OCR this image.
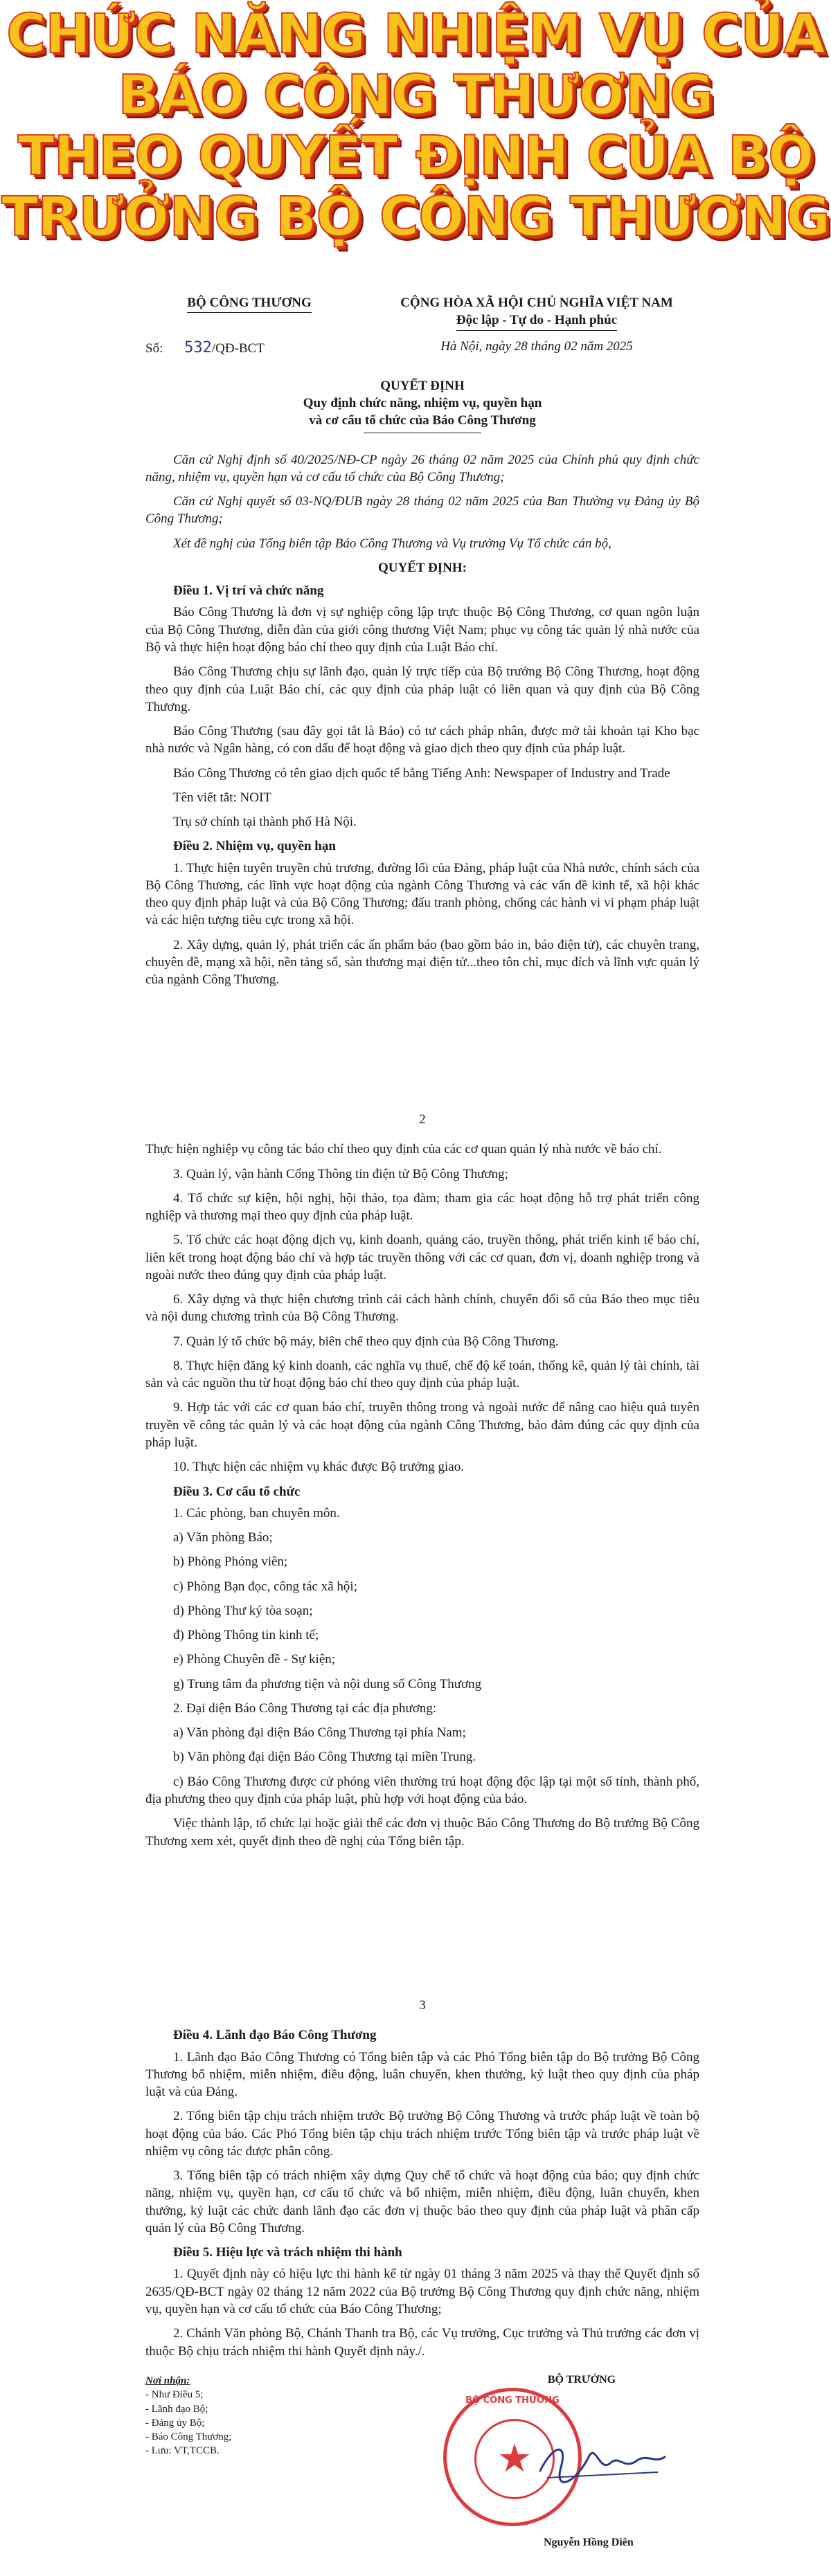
CHỨC NĂNG NHIỆM VỤ CỦA
BÁO CÔNG THƯƠNG
THEO QUYẾT ĐỊNH CỦA BỘ
TRƯỞNG BỘ CÔNG THƯƠNG
BỘ CÔNG THƯƠNG	CỘNG HÒA XÃ HỘI CHỦ NGHĨA VIỆT NAM
Độc lập - Tự do - Hạnh phúc
Số: 532/QĐ-BCT	Hà Nội, ngày 28 tháng 02 năm 2025
QUYẾT ĐỊNH
Quy định chức năng, nhiệm vụ, quyền hạn
và cơ cấu tổ chức của Báo Công Thương

Căn cứ Nghị định số 40/2025/NĐ-CP ngày 26 tháng 02 năm 2025 của Chính phủ quy định chức năng, nhiệm vụ, quyền hạn và cơ cấu tổ chức của Bộ Công Thương;

Căn cứ Nghị quyết số 03-NQ/ĐUB ngày 28 tháng 02 năm 2025 của Ban Thường vụ Đảng ủy Bộ Công Thương;

Xét đề nghị của Tổng biên tập Báo Công Thương và Vụ trưởng Vụ Tổ chức cán bộ,

QUYẾT ĐỊNH:
Điều 1. Vị trí và chức năng

Báo Công Thương là đơn vị sự nghiệp công lập trực thuộc Bộ Công Thương, cơ quan ngôn luận của Bộ Công Thương, diễn đàn của giới công thương Việt Nam; phục vụ công tác quản lý nhà nước của Bộ và thực hiện hoạt động báo chí theo quy định của Luật Báo chí.

Báo Công Thương chịu sự lãnh đạo, quản lý trực tiếp của Bộ trưởng Bộ Công Thương, hoạt động theo quy định của Luật Báo chí, các quy định của pháp luật có liên quan và quy định của Bộ Công Thương.

Báo Công Thương (sau đây gọi tắt là Báo) có tư cách pháp nhân, được mở tài khoản tại Kho bạc nhà nước và Ngân hàng, có con dấu để hoạt động và giao dịch theo quy định của pháp luật.

Báo Công Thương có tên giao dịch quốc tế bằng Tiếng Anh: Newspaper of Industry and Trade

Tên viết tắt: NOIT

Trụ sở chính tại thành phố Hà Nội.

Điều 2. Nhiệm vụ, quyền hạn

1. Thực hiện tuyên truyền chủ trương, đường lối của Đảng, pháp luật của Nhà nước, chính sách của Bộ Công Thương, các lĩnh vực hoạt động của ngành Công Thương và các vấn đề kinh tế, xã hội khác theo quy định pháp luật và của Bộ Công Thương; đấu tranh phòng, chống các hành vi vi phạm pháp luật và các hiện tượng tiêu cực trong xã hội.

2. Xây dựng, quản lý, phát triển các ấn phẩm báo (bao gồm báo in, báo điện tử), các chuyên trang, chuyên đề, mạng xã hội, nền tảng số, sàn thương mại điện tử...theo tôn chỉ, mục đích và lĩnh vực quản lý của ngành Công Thương.

2

Thực hiện nghiệp vụ công tác báo chí theo quy định của các cơ quan quản lý nhà nước về báo chí.

3. Quản lý, vận hành Cổng Thông tin điện tử Bộ Công Thương;

4. Tổ chức sự kiện, hội nghị, hội thảo, tọa đàm; tham gia các hoạt động hỗ trợ phát triển công nghiệp và thương mại theo quy định của pháp luật.

5. Tổ chức các hoạt động dịch vụ, kinh doanh, quảng cáo, truyền thông, phát triển kinh tế báo chí, liên kết trong hoạt động báo chí và hợp tác truyền thông với các cơ quan, đơn vị, doanh nghiệp trong và ngoài nước theo đúng quy định của pháp luật.

6. Xây dựng và thực hiện chương trình cải cách hành chính, chuyển đổi số của Báo theo mục tiêu và nội dung chương trình của Bộ Công Thương.

7. Quản lý tổ chức bộ máy, biên chế theo quy định của Bộ Công Thương.

8. Thực hiện đăng ký kinh doanh, các nghĩa vụ thuế, chế độ kế toán, thống kê, quản lý tài chính, tài sản và các nguồn thu từ hoạt động báo chí theo quy định của pháp luật.

9. Hợp tác với các cơ quan báo chí, truyền thông trong và ngoài nước để nâng cao hiệu quả tuyên truyền về công tác quản lý và các hoạt động của ngành Công Thương, bảo đảm đúng các quy định của pháp luật.

10. Thực hiện các nhiệm vụ khác được Bộ trưởng giao.

Điều 3. Cơ cấu tổ chức

1. Các phòng, ban chuyên môn.

a) Văn phòng Báo;

b) Phòng Phóng viên;

c) Phòng Bạn đọc, công tác xã hội;

d) Phòng Thư ký tòa soạn;

đ) Phòng Thông tin kinh tế;

e) Phòng Chuyên đề - Sự kiện;

g) Trung tâm đa phương tiện và nội dung số Công Thương

2. Đại diện Báo Công Thương tại các địa phương:

a) Văn phòng đại diện Báo Công Thương tại phía Nam;

b) Văn phòng đại diện Báo Công Thương tại miền Trung.

c) Báo Công Thương được cử phóng viên thường trú hoạt động độc lập tại một số tỉnh, thành phố, địa phương theo quy định của pháp luật, phù hợp với hoạt động của báo.

Việc thành lập, tổ chức lại hoặc giải thể các đơn vị thuộc Báo Công Thương do Bộ trưởng Bộ Công Thương xem xét, quyết định theo đề nghị của Tổng biên tập.

3
Điều 4. Lãnh đạo Báo Công Thương

1. Lãnh đạo Báo Công Thương có Tổng biên tập và các Phó Tổng biên tập do Bộ trưởng Bộ Công Thương bổ nhiệm, miễn nhiệm, điều động, luân chuyển, khen thưởng, kỷ luật theo quy định của pháp luật và của Đảng.

2. Tổng biên tập chịu trách nhiệm trước Bộ trưởng Bộ Công Thương và trước pháp luật về toàn bộ hoạt động của báo. Các Phó Tổng biên tập chịu trách nhiệm trước Tổng biên tập và trước pháp luật về nhiệm vụ công tác được phân công.

3. Tổng biên tập có trách nhiệm xây dựng Quy chế tổ chức và hoạt động của báo; quy định chức năng, nhiệm vụ, quyền hạn, cơ cấu tổ chức và bổ nhiệm, miễn nhiệm, điều động, luân chuyển, khen thưởng, kỷ luật các chức danh lãnh đạo các đơn vị thuộc báo theo quy định của pháp luật và phân cấp quản lý của Bộ Công Thương.

Điều 5. Hiệu lực và trách nhiệm thi hành

1. Quyết định này có hiệu lực thi hành kể từ ngày 01 tháng 3 năm 2025 và thay thế Quyết định số 2635/QĐ-BCT ngày 02 tháng 12 năm 2022 của Bộ trưởng Bộ Công Thương quy định chức năng, nhiệm vụ, quyền hạn và cơ cấu tổ chức của Báo Công Thương;

2. Chánh Văn phòng Bộ, Chánh Thanh tra Bộ, các Vụ trưởng, Cục trưởng và Thủ trưởng các đơn vị thuộc Bộ chịu trách nhiệm thi hành Quyết định này./.

Nơi nhận:
- Như Điều 5;
- Lãnh đạo Bộ;
- Đảng ủy Bộ;
- Báo Công Thương;
- Lưu: VT,TCCB.
BỘ TRƯỞNG
BỘ CÔNG THƯƠNG
★
Nguyễn Hồng Diên
